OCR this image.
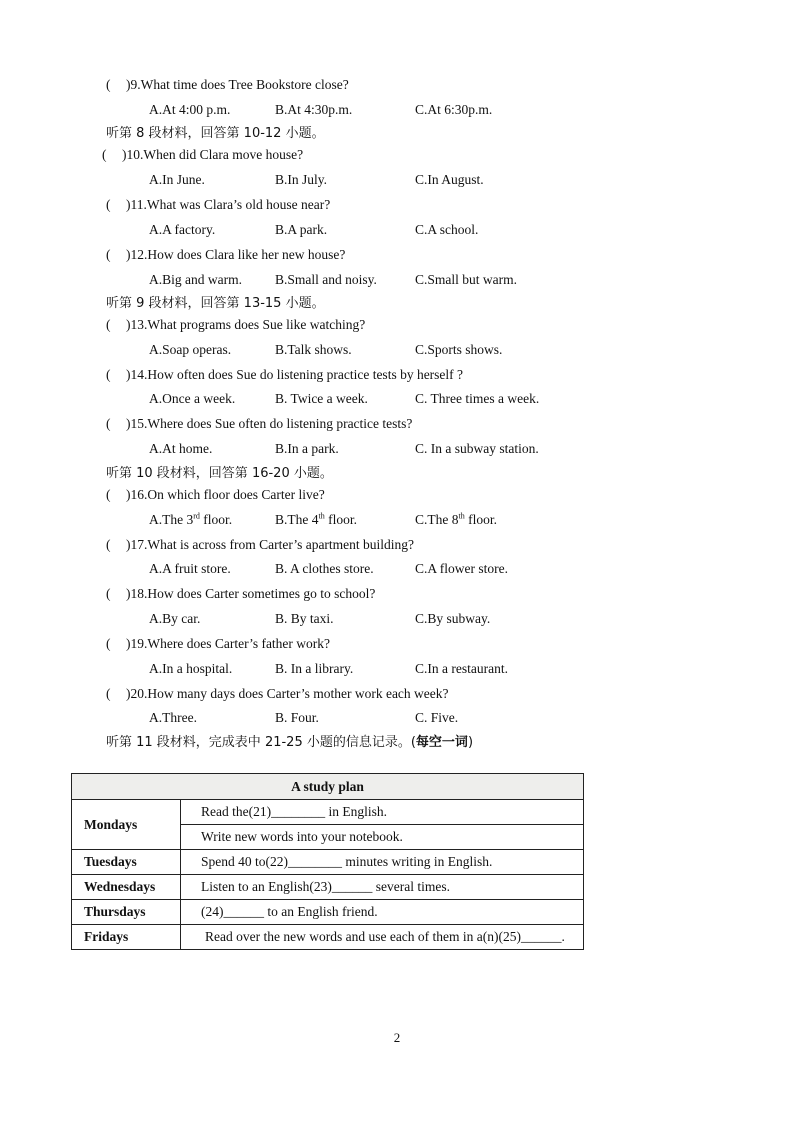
( )9.What time does Tree Bookstore close?
A.At 4:00 p.m.	B.At 4:30p.m.	C.At 6:30p.m.
听第 8 段材料，回答第 10-12 小题。
( )10.When did Clara move house?
A.In June.	B.In July.	C.In August.
( )11.What was Clara’s old house near?
A.A factory.	B.A park.	C.A school.
( )12.How does Clara like her new house?
A.Big and warm. B.Small and noisy.	C.Small but warm.
听第 9 段材料，回答第 13-15 小题。
( )13.What programs does Sue like watching?
A.Soap operas.	B.Talk shows.	C.Sports shows.
( )14.How often does Sue do listening practice tests by herself ?
A.Once a week.	B. Twice a week.	C. Three times a week.
( )15.Where does Sue often do listening practice tests?
A.At home.	B.In a park.	C. In a subway station.
听第 10 段材料，回答第 16-20 小题。
( )16.On which floor does Carter live?
A.The 3rd floor.	B.The 4th floor.	C.The 8th floor.
( )17.What is across from Carter’s apartment building?
A.A fruit store.	B. A clothes store.	C.A flower store.
( )18.How does Carter sometimes go to school?
A.By car.	B. By taxi.	C.By subway.
( )19.Where does Carter’s father work?
A.In a hospital.	B. In a library.	C.In a restaurant.
( )20.How many days does Carter’s mother work each week?
A.Three.	B. Four.	C. Five.
听第 11 段材料，完成表中 21-25 小题的信息记录。(每空一词)
A study plan	
Mondays	Read the(21)________ in English.
	Write new words into your notebook.
Tuesdays	Spend 40 to(22)________ minutes writing in English.
Wednesdays	Listen to an English(23)______ several times.
Thursdays	(24)______ to an English friend.
Fridays	Read over the new words and use each of them in a(n)(25)______.
2
